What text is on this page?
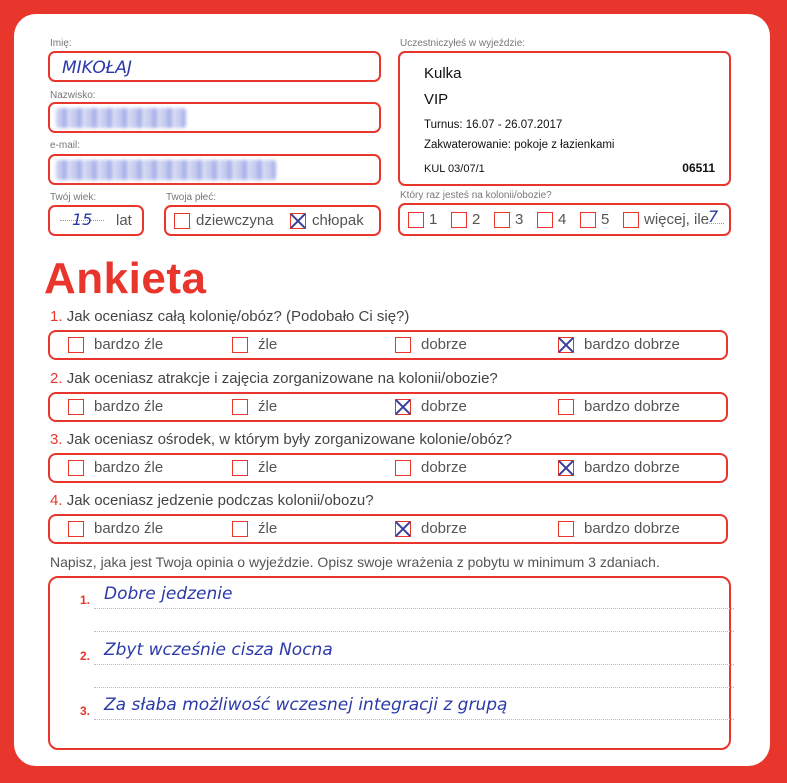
Imię:
MIKOŁAJ
Nazwisko:
e-mail:
Twój wiek:
15 lat
Twoja płeć:
dziewczyna	chłopak
Uczestniczyłeś w wyjeździe:
Kulka
VIP
Turnus: 16.07 - 26.07.2017
Zakwaterowanie: pokoje z łazienkami
KUL 03/07/1	06511
Który raz jesteś na kolonii/obozie?
1 2 3 4 5 więcej, ile
7
Ankieta
1. Jak oceniasz całą kolonię/obóz? (Podobało Ci się?)
bardzo źle	źle	dobrze	bardzo dobrze
2. Jak oceniasz atrakcje i zajęcia zorganizowane na kolonii/obozie?
bardzo źle	źle	dobrze	bardzo dobrze
3. Jak oceniasz ośrodek, w którym były zorganizowane kolonie/obóz?
bardzo źle	źle	dobrze	bardzo dobrze
4. Jak oceniasz jedzenie podczas kolonii/obozu?
bardzo źle	źle	dobrze	bardzo dobrze
Napisz, jaka jest Twoja opinia o wyjeździe. Opisz swoje wrażenia z pobytu w minimum 3 zdaniach.
1. Dobre jedzenie
2. Zbyt wcześnie cisza Nocna
3. Za słaba możliwość wczesnej integracji z grupą
